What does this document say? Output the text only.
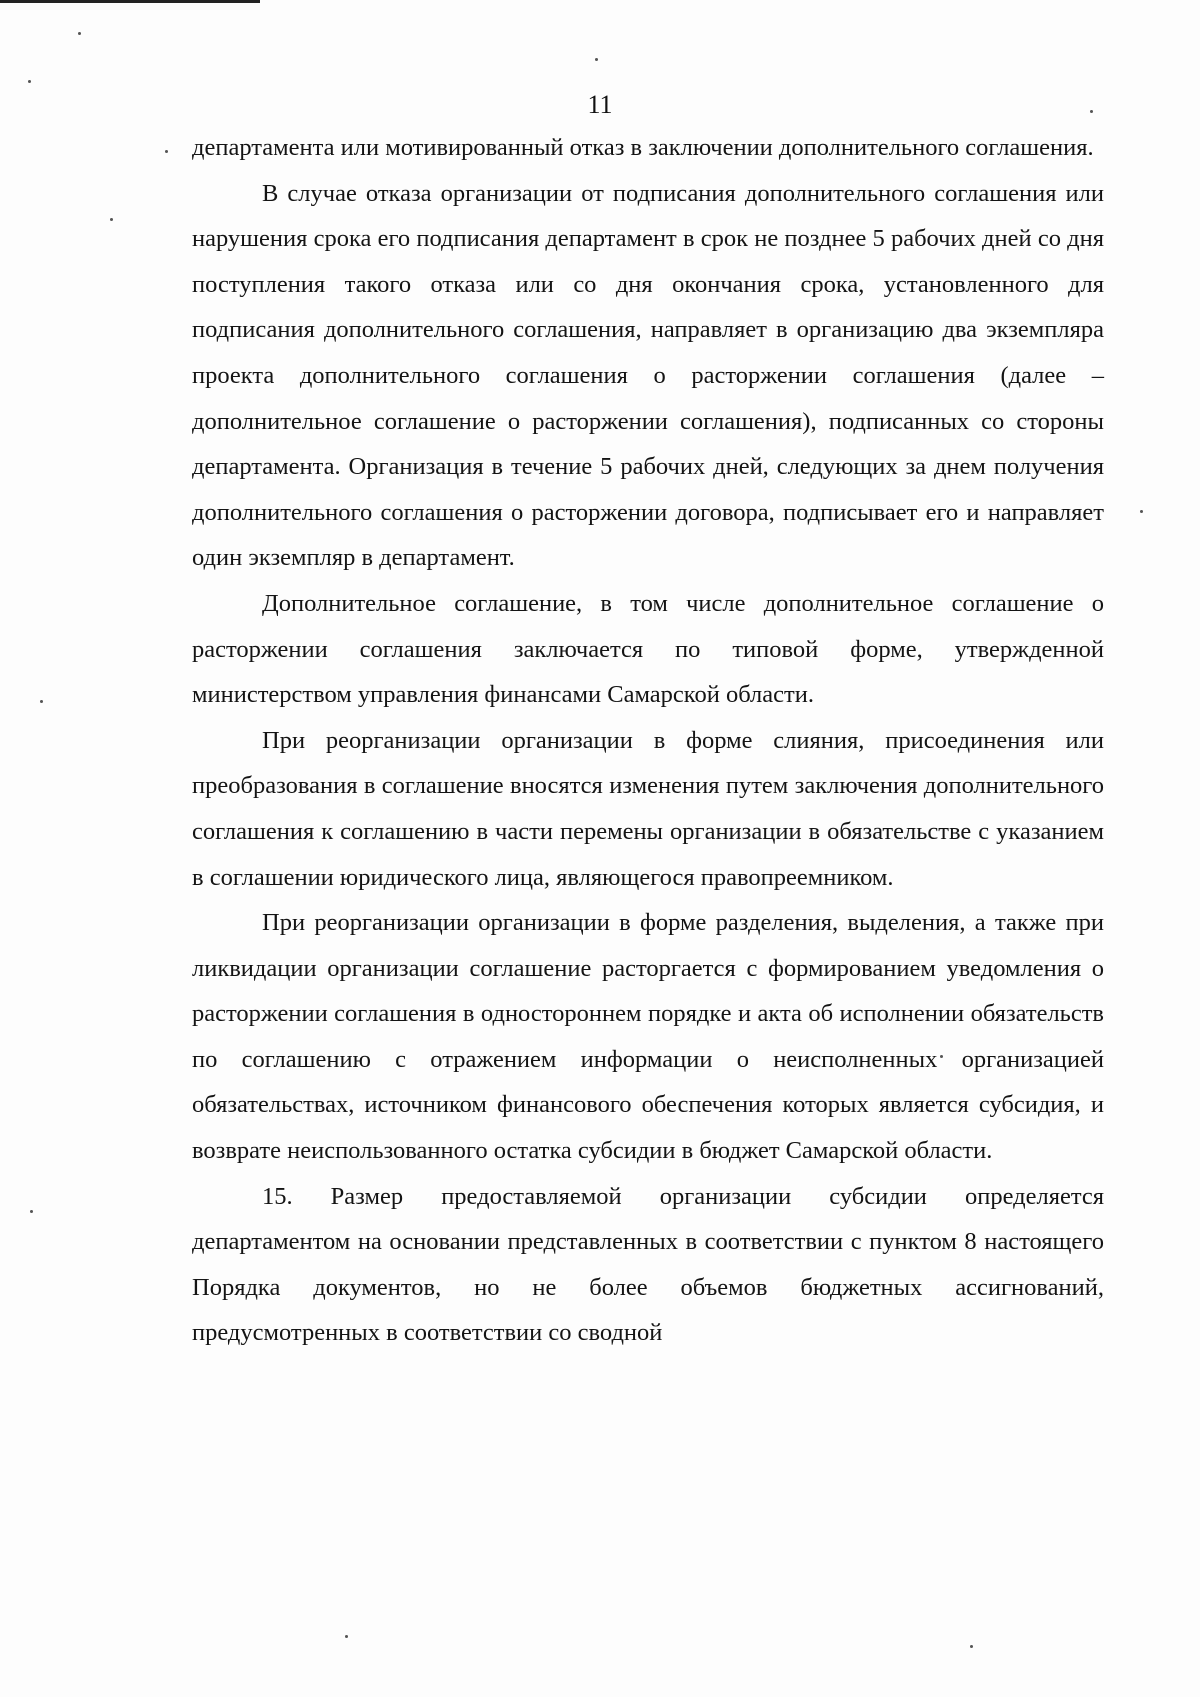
11

департамента или мотивированный отказ в заключении дополнительного соглашения.

В случае отказа организации от подписания дополнительного соглашения или нарушения срока его подписания департамент в срок не позднее 5 рабочих дней со дня поступления такого отказа или со дня окончания срока, установленного для подписания дополнительного соглашения, направляет в организацию два экземпляра проекта дополнительного соглашения о расторжении соглашения (далее – дополнительное соглашение о расторжении соглашения), подписанных со стороны департамента. Организация в течение 5 рабочих дней, следующих за днем получения дополнительного соглашения о расторжении договора, подписывает его и направляет один экземпляр в департамент.

Дополнительное соглашение, в том числе дополнительное соглашение о расторжении соглашения заключается по типовой форме, утвержденной министерством управления финансами Самарской области.

При реорганизации организации в форме слияния, присоединения или преобразования в соглашение вносятся изменения путем заключения дополнительного соглашения к соглашению в части перемены организации в обязательстве с указанием в соглашении юридического лица, являющегося правопреемником.

При реорганизации организации в форме разделения, выделения, а также при ликвидации организации соглашение расторгается с формированием уведомления о расторжении соглашения в одностороннем порядке и акта об исполнении обязательств по соглашению с отражением информации о неисполненных организацией обязательствах, источником финансового обеспечения которых является субсидия, и возврате неиспользованного остатка субсидии в бюджет Самарской области.

15. Размер предоставляемой организации субсидии определяется департаментом на основании представленных в соответствии с пунктом 8 настоящего Порядка документов, но не более объемов бюджетных ассигнований, предусмотренных в соответствии со сводной
